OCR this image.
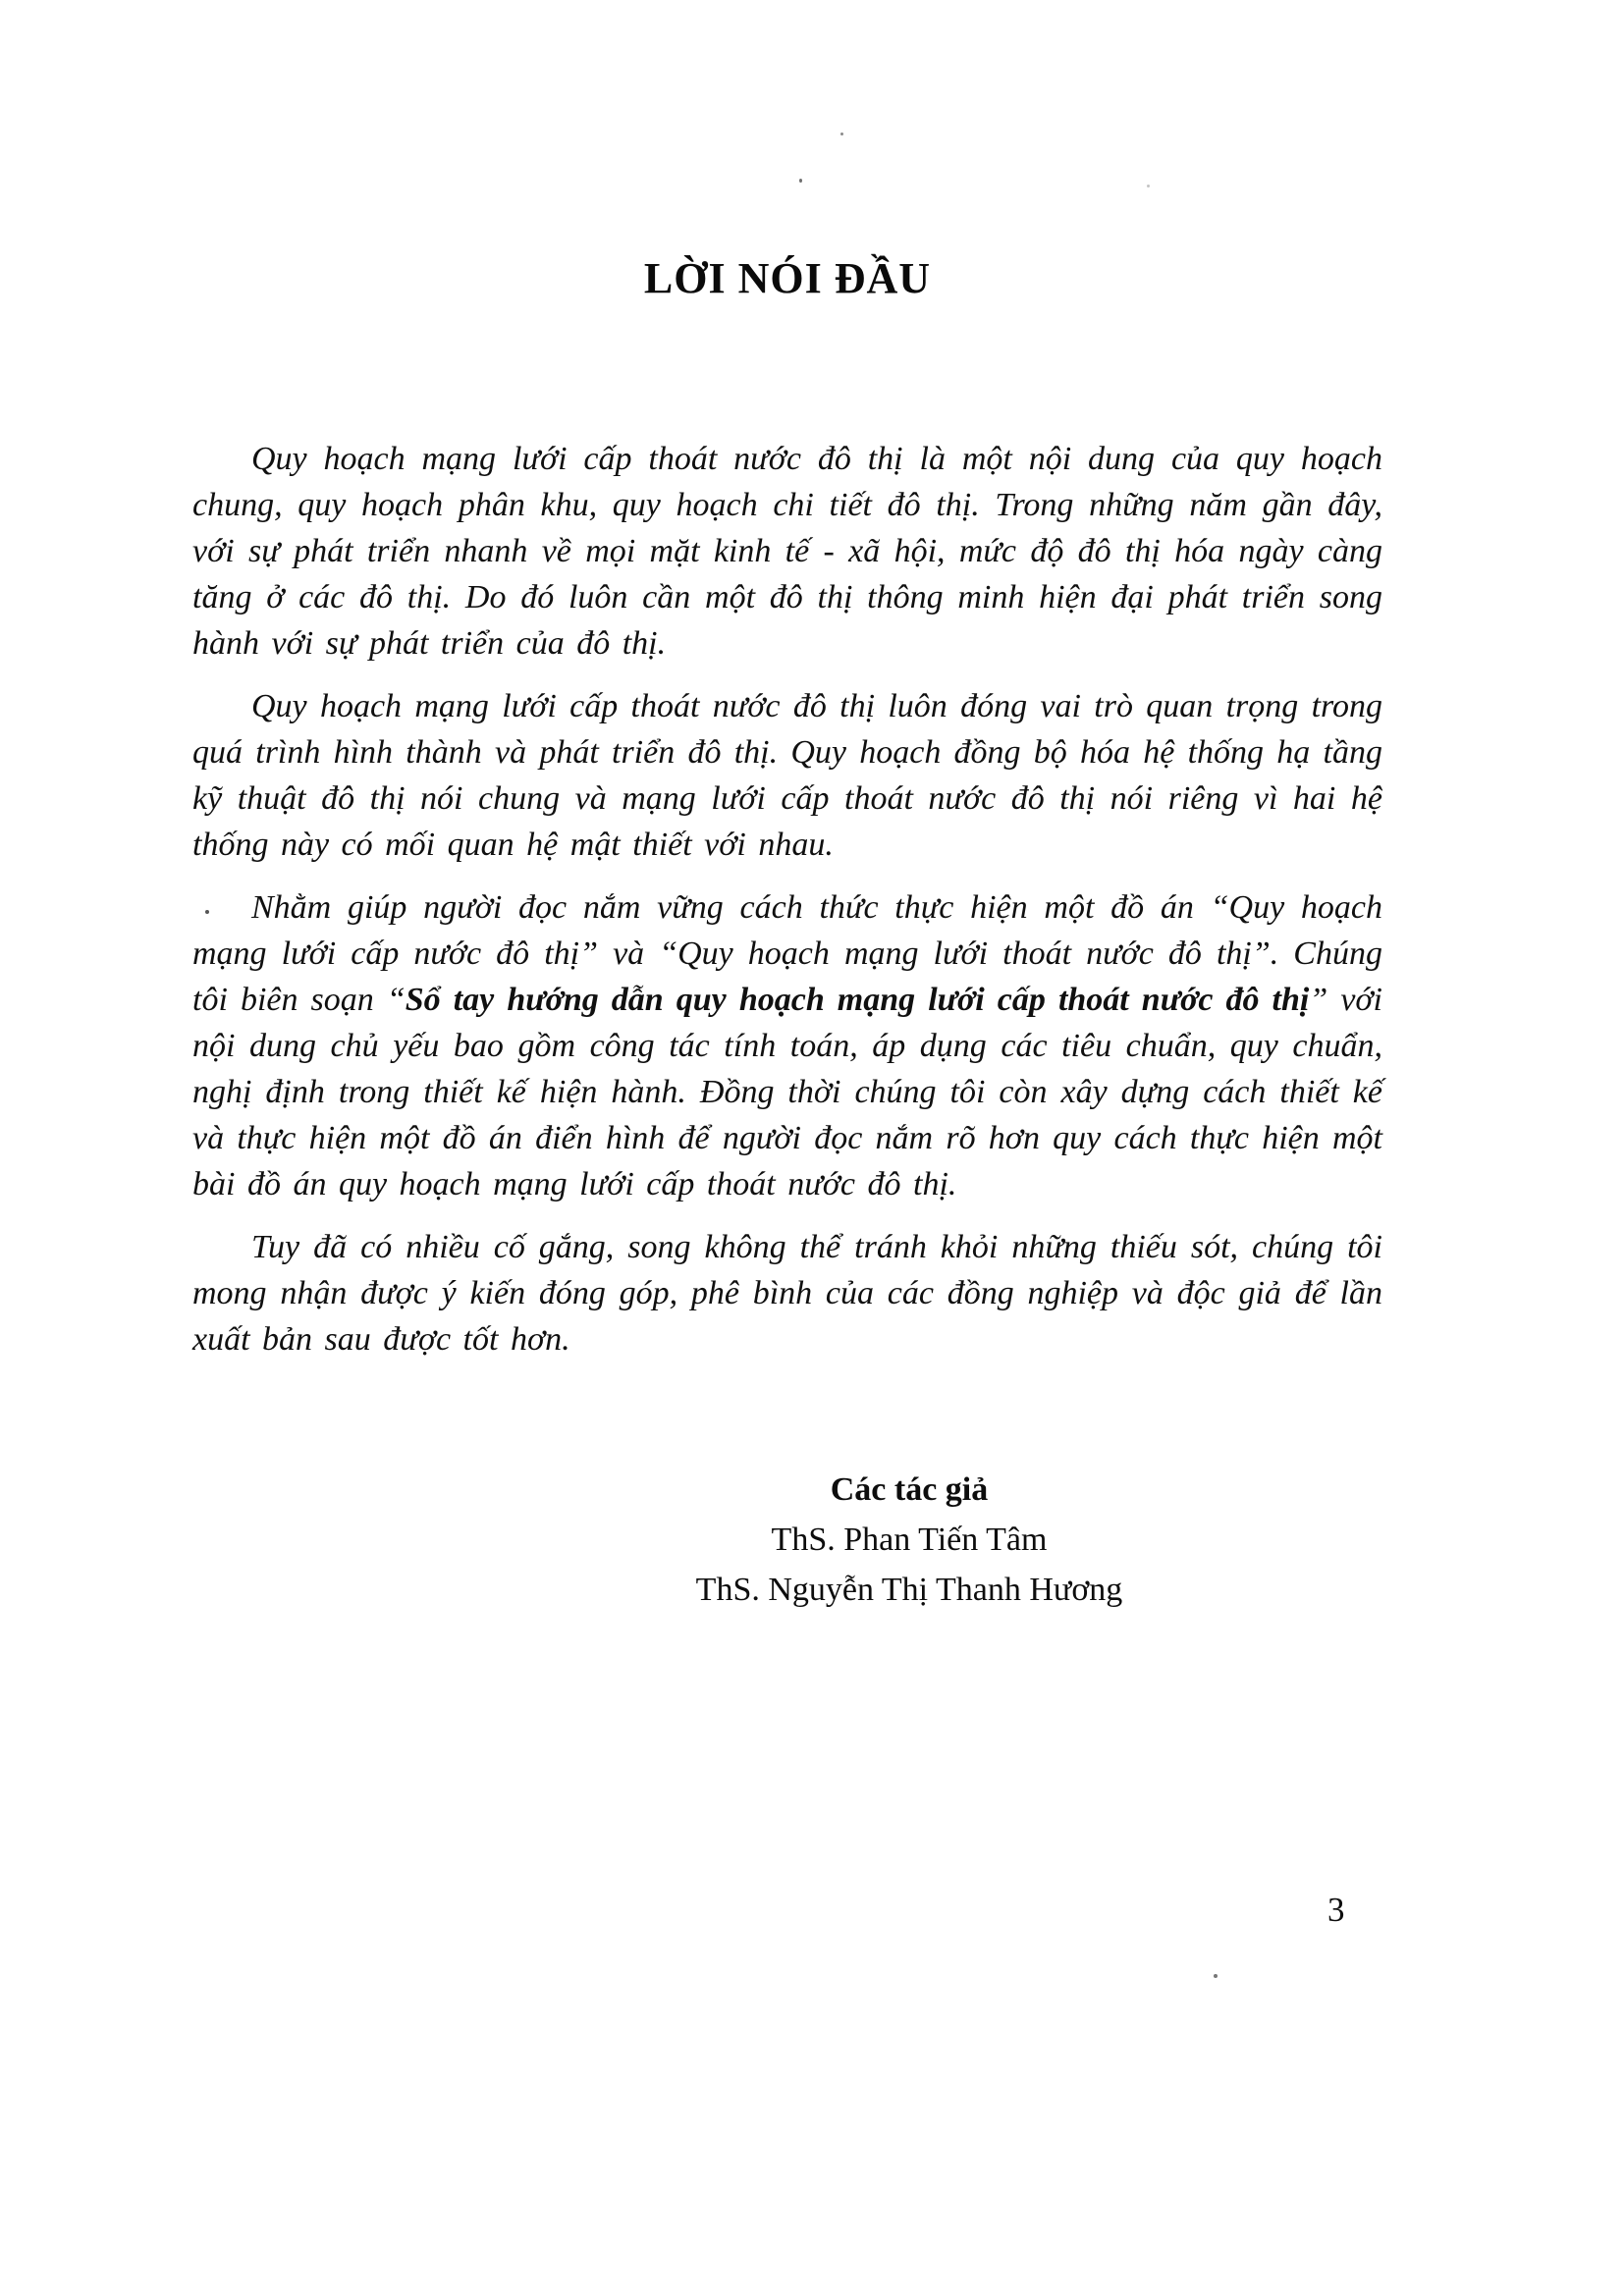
LỜI NÓI ĐẦU

Quy hoạch mạng lưới cấp thoát nước đô thị là một nội dung của quy hoạch chung, quy hoạch phân khu, quy hoạch chi tiết đô thị. Trong những năm gần đây, với sự phát triển nhanh về mọi mặt kinh tế - xã hội, mức độ đô thị hóa ngày càng tăng ở các đô thị. Do đó luôn cần một đô thị thông minh hiện đại phát triển song hành với sự phát triển của đô thị.

Quy hoạch mạng lưới cấp thoát nước đô thị luôn đóng vai trò quan trọng trong quá trình hình thành và phát triển đô thị. Quy hoạch đồng bộ hóa hệ thống hạ tầng kỹ thuật đô thị nói chung và mạng lưới cấp thoát nước đô thị nói riêng vì hai hệ thống này có mối quan hệ mật thiết với nhau.

Nhằm giúp người đọc nắm vững cách thức thực hiện một đồ án “Quy hoạch mạng lưới cấp nước đô thị” và “Quy hoạch mạng lưới thoát nước đô thị”. Chúng tôi biên soạn “Sổ tay hướng dẫn quy hoạch mạng lưới cấp thoát nước đô thị” với nội dung chủ yếu bao gồm công tác tính toán, áp dụng các tiêu chuẩn, quy chuẩn, nghị định trong thiết kế hiện hành. Đồng thời chúng tôi còn xây dựng cách thiết kế và thực hiện một đồ án điển hình để người đọc nắm rõ hơn quy cách thực hiện một bài đồ án quy hoạch mạng lưới cấp thoát nước đô thị.

Tuy đã có nhiều cố gắng, song không thể tránh khỏi những thiếu sót, chúng tôi mong nhận được ý kiến đóng góp, phê bình của các đồng nghiệp và độc giả để lần xuất bản sau được tốt hơn.

Các tác giả
ThS. Phan Tiến Tâm
ThS. Nguyễn Thị Thanh Hương
3
